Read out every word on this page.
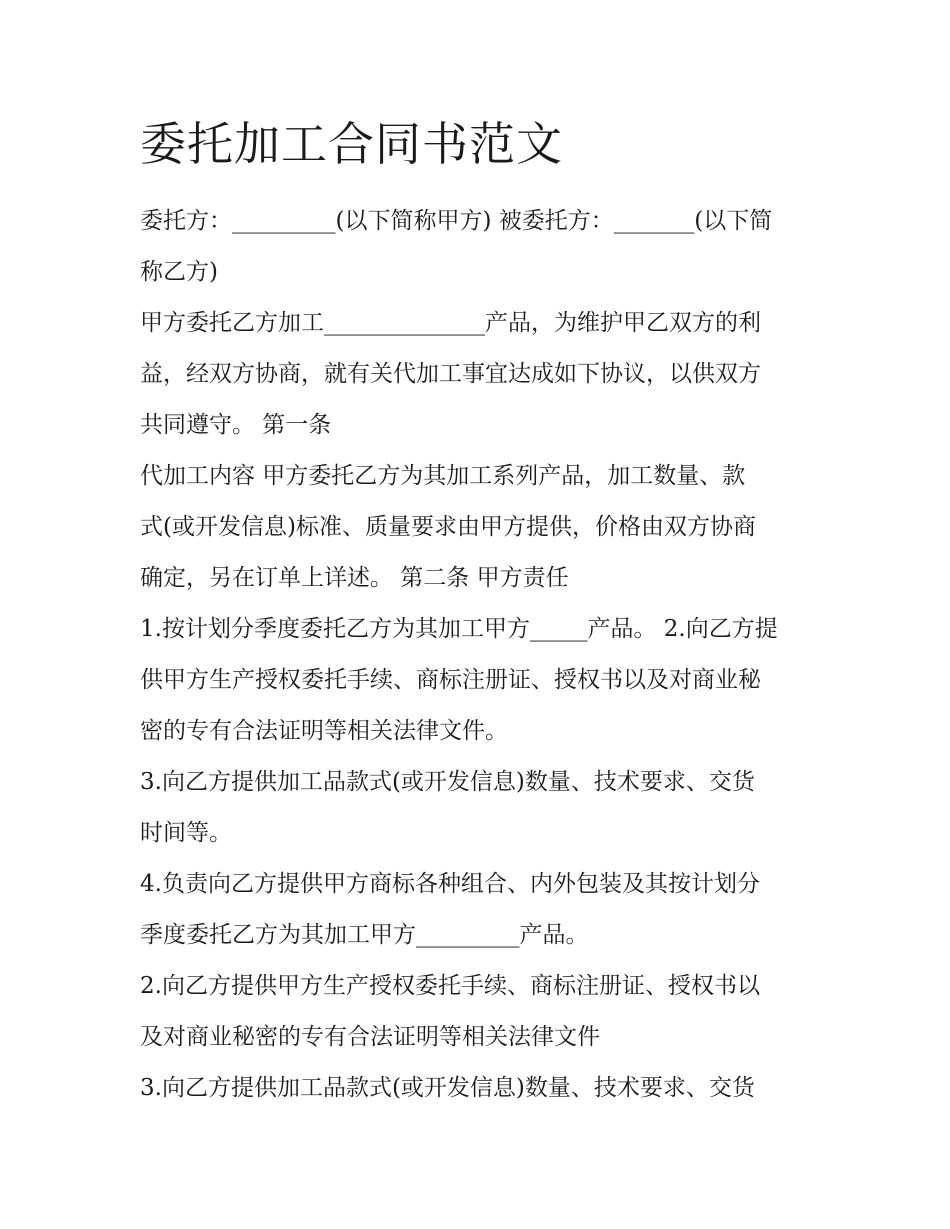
委托加工合同书范文

委托方：_________(以下简称甲方) 被委托方：_______(以下简

称乙方)

甲方委托乙方加工______________产品，为维护甲乙双方的利

益，经双方协商，就有关代加工事宜达成如下协议，以供双方

共同遵守。 第一条

代加工内容 甲方委托乙方为其加工系列产品，加工数量、款

式(或开发信息)标准、质量要求由甲方提供，价格由双方协商

确定，另在订单上详述。 第二条 甲方责任

1.按计划分季度委托乙方为其加工甲方_____产品。 2.向乙方提

供甲方生产授权委托手续、商标注册证、授权书以及对商业秘

密的专有合法证明等相关法律文件。

3.向乙方提供加工品款式(或开发信息)数量、技术要求、交货

时间等。

4.负责向乙方提供甲方商标各种组合、内外包装及其按计划分

季度委托乙方为其加工甲方_________产品。

2.向乙方提供甲方生产授权委托手续、商标注册证、授权书以

及对商业秘密的专有合法证明等相关法律文件

3.向乙方提供加工品款式(或开发信息)数量、技术要求、交货
